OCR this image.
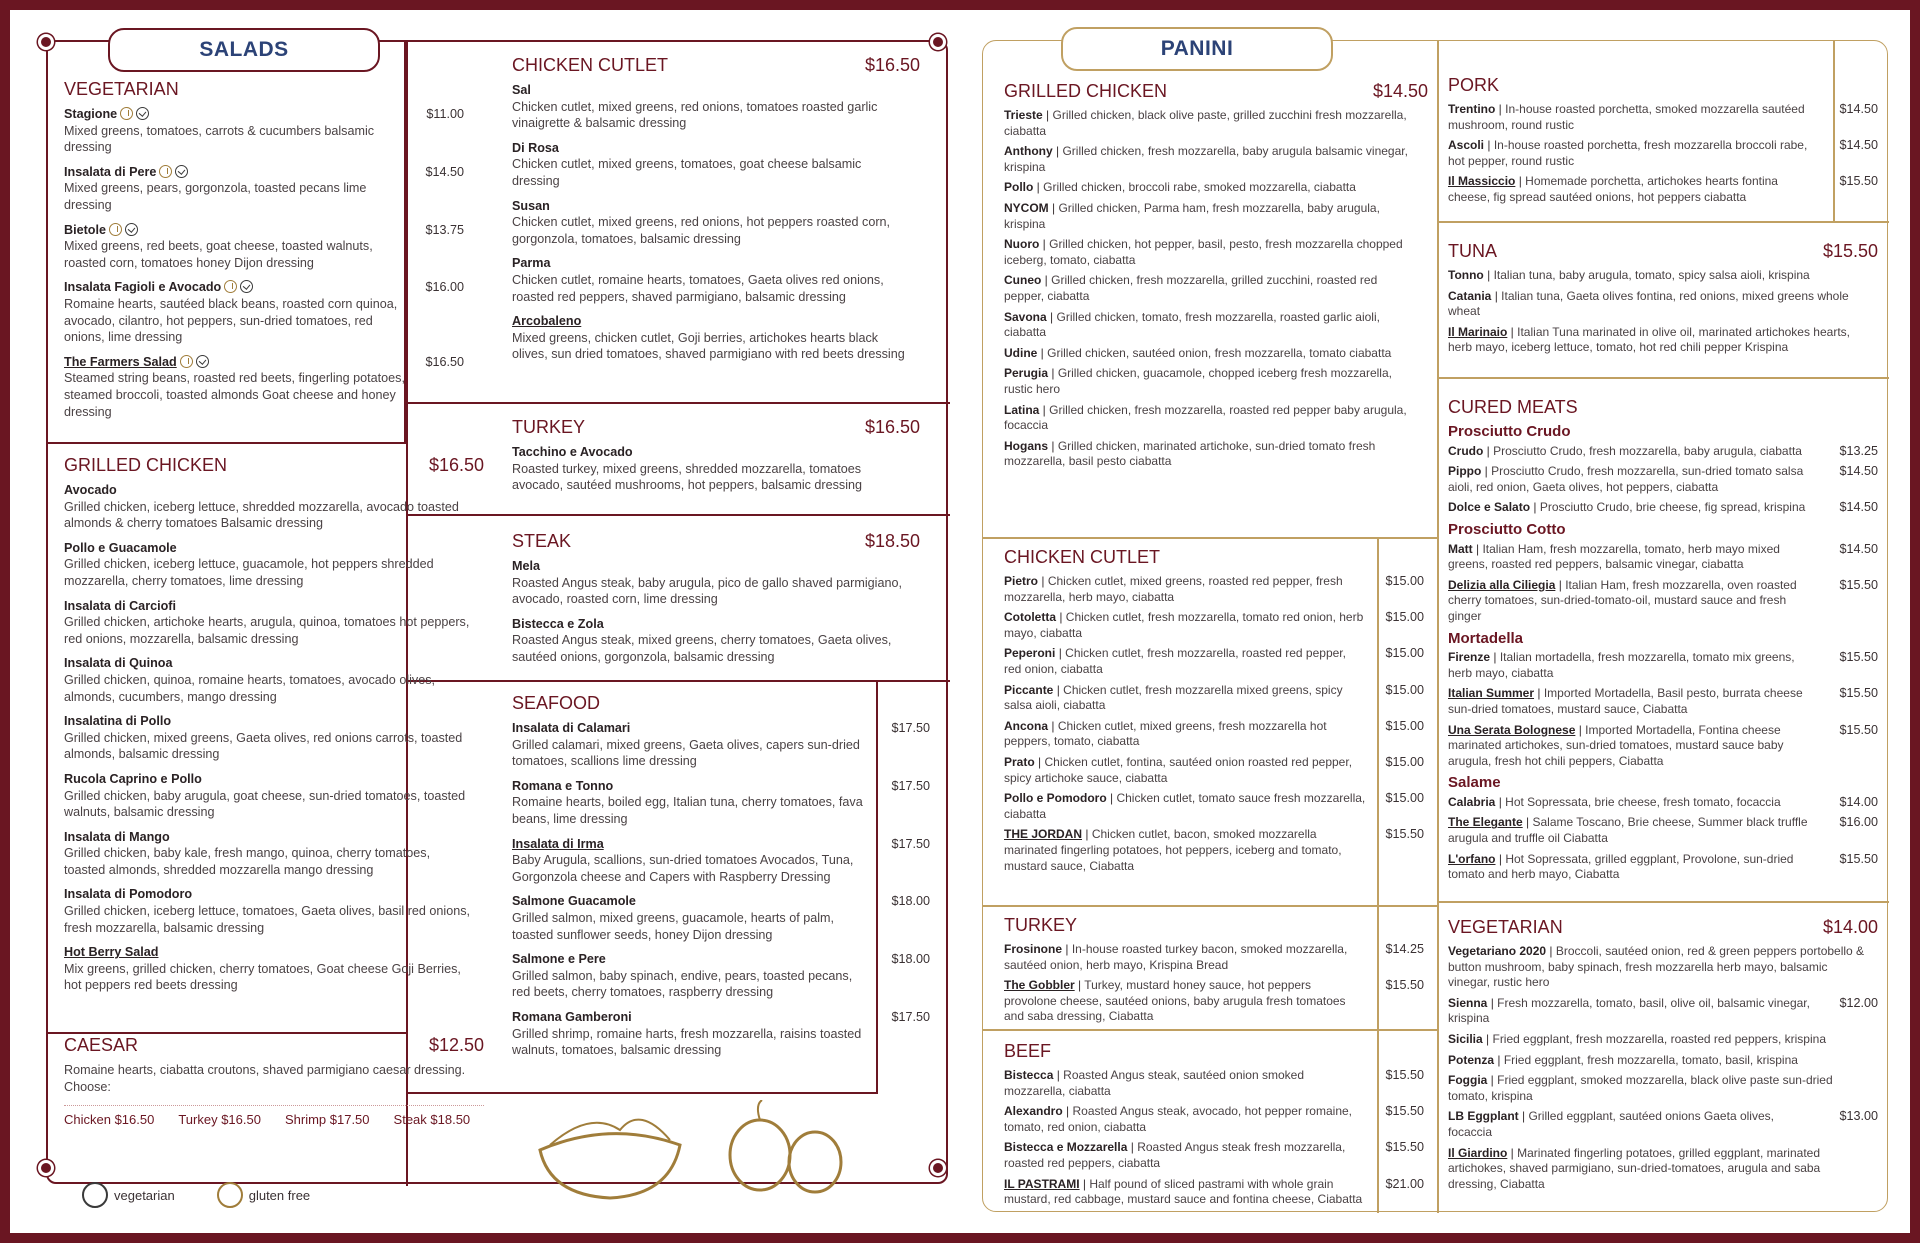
SALADS
VEGETARIAN
Stagione
Mixed greens, tomatoes, carrots & cucumbers balsamic dressing
$11.00
Insalata di Pere
Mixed greens, pears, gorgonzola, toasted pecans lime dressing
$14.50
Bietole
Mixed greens, red beets, goat cheese, toasted walnuts, roasted corn, tomatoes honey Dijon dressing
$13.75
Insalata Fagioli e Avocado
Romaine hearts, sautéed black beans, roasted corn quinoa, avocado, cilantro, hot peppers, sun-dried tomatoes, red onions, lime dressing
$16.00
The Farmers Salad
Steamed string beans, roasted red beets, fingerling potatoes, steamed broccoli, toasted almonds Goat cheese and honey dressing
$16.50
GRILLED CHICKEN	$16.50
Avocado
Grilled chicken, iceberg lettuce, shredded mozzarella, avocado toasted almonds & cherry tomatoes Balsamic dressing
Pollo e Guacamole
Grilled chicken, iceberg lettuce, guacamole, hot peppers shredded mozzarella, cherry tomatoes, lime dressing
Insalata di Carciofi
Grilled chicken, artichoke hearts, arugula, quinoa, tomatoes hot peppers, red onions, mozzarella, balsamic dressing
Insalata di Quinoa
Grilled chicken, quinoa, romaine hearts, tomatoes, avocado olives, almonds, cucumbers, mango dressing
Insalatina di Pollo
Grilled chicken, mixed greens, Gaeta olives, red onions carrots, toasted almonds, balsamic dressing
Rucola Caprino e Pollo
Grilled chicken, baby arugula, goat cheese, sun-dried tomatoes, toasted walnuts, balsamic dressing
Insalata di Mango
Grilled chicken, baby kale, fresh mango, quinoa, cherry tomatoes, toasted almonds, shredded mozzarella mango dressing
Insalata di Pomodoro
Grilled chicken, iceberg lettuce, tomatoes, Gaeta olives, basil red onions, fresh mozzarella, balsamic dressing
Hot Berry Salad
Mix greens, grilled chicken, cherry tomatoes, Goat cheese Goji Berries, hot peppers red beets dressing
CAESAR	$12.50
Romaine hearts, ciabatta croutons, shaved parmigiano caesar dressing.
Choose:
Chicken $16.50 Turkey $16.50 Shrimp $17.50 Steak $18.50
CHICKEN CUTLET	$16.50
Sal
Chicken cutlet, mixed greens, red onions, tomatoes roasted garlic vinaigrette & balsamic dressing
Di Rosa
Chicken cutlet, mixed greens, tomatoes, goat cheese balsamic dressing
Susan
Chicken cutlet, mixed greens, red onions, hot peppers roasted corn, gorgonzola, tomatoes, balsamic dressing
Parma
Chicken cutlet, romaine hearts, tomatoes, Gaeta olives red onions, roasted red peppers, shaved parmigiano, balsamic dressing
Arcobaleno
Mixed greens, chicken cutlet, Goji berries, artichokes hearts black olives, sun dried tomatoes, shaved parmigiano with red beets dressing
TURKEY	$16.50
Tacchino e Avocado
Roasted turkey, mixed greens, shredded mozzarella, tomatoes avocado, sautéed mushrooms, hot peppers, balsamic dressing
STEAK	$18.50
Mela
Roasted Angus steak, baby arugula, pico de gallo shaved parmigiano, avocado, roasted corn, lime dressing
Bistecca e Zola
Roasted Angus steak, mixed greens, cherry tomatoes, Gaeta olives, sautéed onions, gorgonzola, balsamic dressing
SEAFOOD
Insalata di Calamari
Grilled calamari, mixed greens, Gaeta olives, capers sun-dried tomatoes, scallions lime dressing
$17.50
Romana e Tonno
Romaine hearts, boiled egg, Italian tuna, cherry tomatoes, fava beans, lime dressing
$17.50
Insalata di Irma
Baby Arugula, scallions, sun-dried tomatoes Avocados, Tuna, Gorgonzola cheese and Capers with Raspberry Dressing
$17.50
Salmone Guacamole
Grilled salmon, mixed greens, guacamole, hearts of palm, toasted sunflower seeds, honey Dijon dressing
$18.00
Salmone e Pere
Grilled salmon, baby spinach, endive, pears, toasted pecans, red beets, cherry tomatoes, raspberry dressing
$18.00
Romana Gamberoni
Grilled shrimp, romaine harts, fresh mozzarella, raisins toasted walnuts, tomatoes, balsamic dressing
$17.50
vegetarian	gluten free
PANINI
GRILLED CHICKEN	$14.50
Trieste | Grilled chicken, black olive paste, grilled zucchini fresh mozzarella, ciabatta
Anthony | Grilled chicken, fresh mozzarella, baby arugula balsamic vinegar, krispina
Pollo | Grilled chicken, broccoli rabe, smoked mozzarella, ciabatta
NYCOM | Grilled chicken, Parma ham, fresh mozzarella, baby arugula, krispina
Nuoro | Grilled chicken, hot pepper, basil, pesto, fresh mozzarella chopped iceberg, tomato, ciabatta
Cuneo | Grilled chicken, fresh mozzarella, grilled zucchini, roasted red pepper, ciabatta
Savona | Grilled chicken, tomato, fresh mozzarella, roasted garlic aioli, ciabatta
Udine | Grilled chicken, sautéed onion, fresh mozzarella, tomato ciabatta
Perugia | Grilled chicken, guacamole, chopped iceberg fresh mozzarella, rustic hero
Latina | Grilled chicken, fresh mozzarella, roasted red pepper baby arugula, focaccia
Hogans | Grilled chicken, marinated artichoke, sun-dried tomato fresh mozzarella, basil pesto ciabatta
CHICKEN CUTLET
Pietro | Chicken cutlet, mixed greens, roasted red pepper, fresh mozzarella, herb mayo, ciabatta
$15.00
Cotoletta | Chicken cutlet, fresh mozzarella, tomato red onion, herb mayo, ciabatta
$15.00
Peperoni | Chicken cutlet, fresh mozzarella, roasted red pepper, red onion, ciabatta
$15.00
Piccante | Chicken cutlet, fresh mozzarella mixed greens, spicy salsa aioli, ciabatta
$15.00
Ancona | Chicken cutlet, mixed greens, fresh mozzarella hot peppers, tomato, ciabatta
$15.00
Prato | Chicken cutlet, fontina, sautéed onion roasted red pepper, spicy artichoke sauce, ciabatta
$15.00
Pollo e Pomodoro | Chicken cutlet, tomato sauce fresh mozzarella, ciabatta
$15.00
THE JORDAN | Chicken cutlet, bacon, smoked mozzarella marinated fingerling potatoes, hot peppers, iceberg and tomato, mustard sauce, Ciabatta
$15.50
TURKEY
Frosinone | In-house roasted turkey bacon, smoked mozzarella, sautéed onion, herb mayo, Krispina Bread
$14.25
The Gobbler | Turkey, mustard honey sauce, hot peppers provolone cheese, sautéed onions, baby arugula fresh tomatoes and saba dressing, Ciabatta
$15.50
BEEF
Bistecca | Roasted Angus steak, sautéed onion smoked mozzarella, ciabatta
$15.50
Alexandro | Roasted Angus steak, avocado, hot pepper romaine, tomato, red onion, ciabatta
$15.50
Bistecca e Mozzarella | Roasted Angus steak fresh mozzarella, roasted red peppers, ciabatta
$15.50
IL PASTRAMI | Half pound of sliced pastrami with whole grain mustard, red cabbage, mustard sauce and fontina cheese, Ciabatta
$21.00
PORK
Trentino | In-house roasted porchetta, smoked mozzarella sautéed mushroom, round rustic
$14.50
Ascoli | In-house roasted porchetta, fresh mozzarella broccoli rabe, hot pepper, round rustic
$14.50
Il Massiccio | Homemade porchetta, artichokes hearts fontina cheese, fig spread sautéed onions, hot peppers ciabatta
$15.50
TUNA	$15.50
Tonno | Italian tuna, baby arugula, tomato, spicy salsa aioli, krispina
Catania | Italian tuna, Gaeta olives fontina, red onions, mixed greens whole wheat
Il Marinaio | Italian Tuna marinated in olive oil, marinated artichokes hearts, herb mayo, iceberg lettuce, tomato, hot red chili pepper Krispina
CURED MEATS
Prosciutto Crudo
Crudo | Prosciutto Crudo, fresh mozzarella, baby arugula, ciabatta	$13.25
Pippo | Prosciutto Crudo, fresh mozzarella, sun-dried tomato salsa aioli, red onion, Gaeta olives, hot peppers, ciabatta
$14.50
Dolce e Salato | Prosciutto Crudo, brie cheese, fig spread, krispina	$14.50
Prosciutto Cotto
Matt | Italian Ham, fresh mozzarella, tomato, herb mayo mixed greens, roasted red peppers, balsamic vinegar, ciabatta
$14.50
Delizia alla Ciliegia | Italian Ham, fresh mozzarella, oven roasted cherry tomatoes, sun-dried-tomato-oil, mustard sauce and fresh ginger
$15.50
Mortadella
Firenze | Italian mortadella, fresh mozzarella, tomato mix greens, herb mayo, ciabatta
$15.50
Italian Summer | Imported Mortadella, Basil pesto, burrata cheese sun-dried tomatoes, mustard sauce, Ciabatta
$15.50
Una Serata Bolognese | Imported Mortadella, Fontina cheese marinated artichokes, sun-dried tomatoes, mustard sauce baby arugula, fresh hot chili peppers, Ciabatta
$15.50
Salame
Calabria | Hot Sopressata, brie cheese, fresh tomato, focaccia	$14.00
The Elegante | Salame Toscano, Brie cheese, Summer black truffle arugula and truffle oil Ciabatta
$16.00
L'orfano | Hot Sopressata, grilled eggplant, Provolone, sun-dried tomato and herb mayo, Ciabatta
$15.50
VEGETARIAN	$14.00
Vegetariano 2020 | Broccoli, sautéed onion, red & green peppers portobello & button mushroom, baby spinach, fresh mozzarella herb mayo, balsamic vinegar, rustic hero
Sienna | Fresh mozzarella, tomato, basil, olive oil, balsamic vinegar, krispina
$12.00
Sicilia | Fried eggplant, fresh mozzarella, roasted red peppers, krispina
Potenza | Fried eggplant, fresh mozzarella, tomato, basil, krispina
Foggia | Fried eggplant, smoked mozzarella, black olive paste sun-dried tomato, krispina
LB Eggplant | Grilled eggplant, sautéed onions Gaeta olives, focaccia
$13.00
Il Giardino | Marinated fingerling potatoes, grilled eggplant, marinated artichokes, shaved parmigiano, sun-dried-tomatoes, arugula and saba dressing, Ciabatta
